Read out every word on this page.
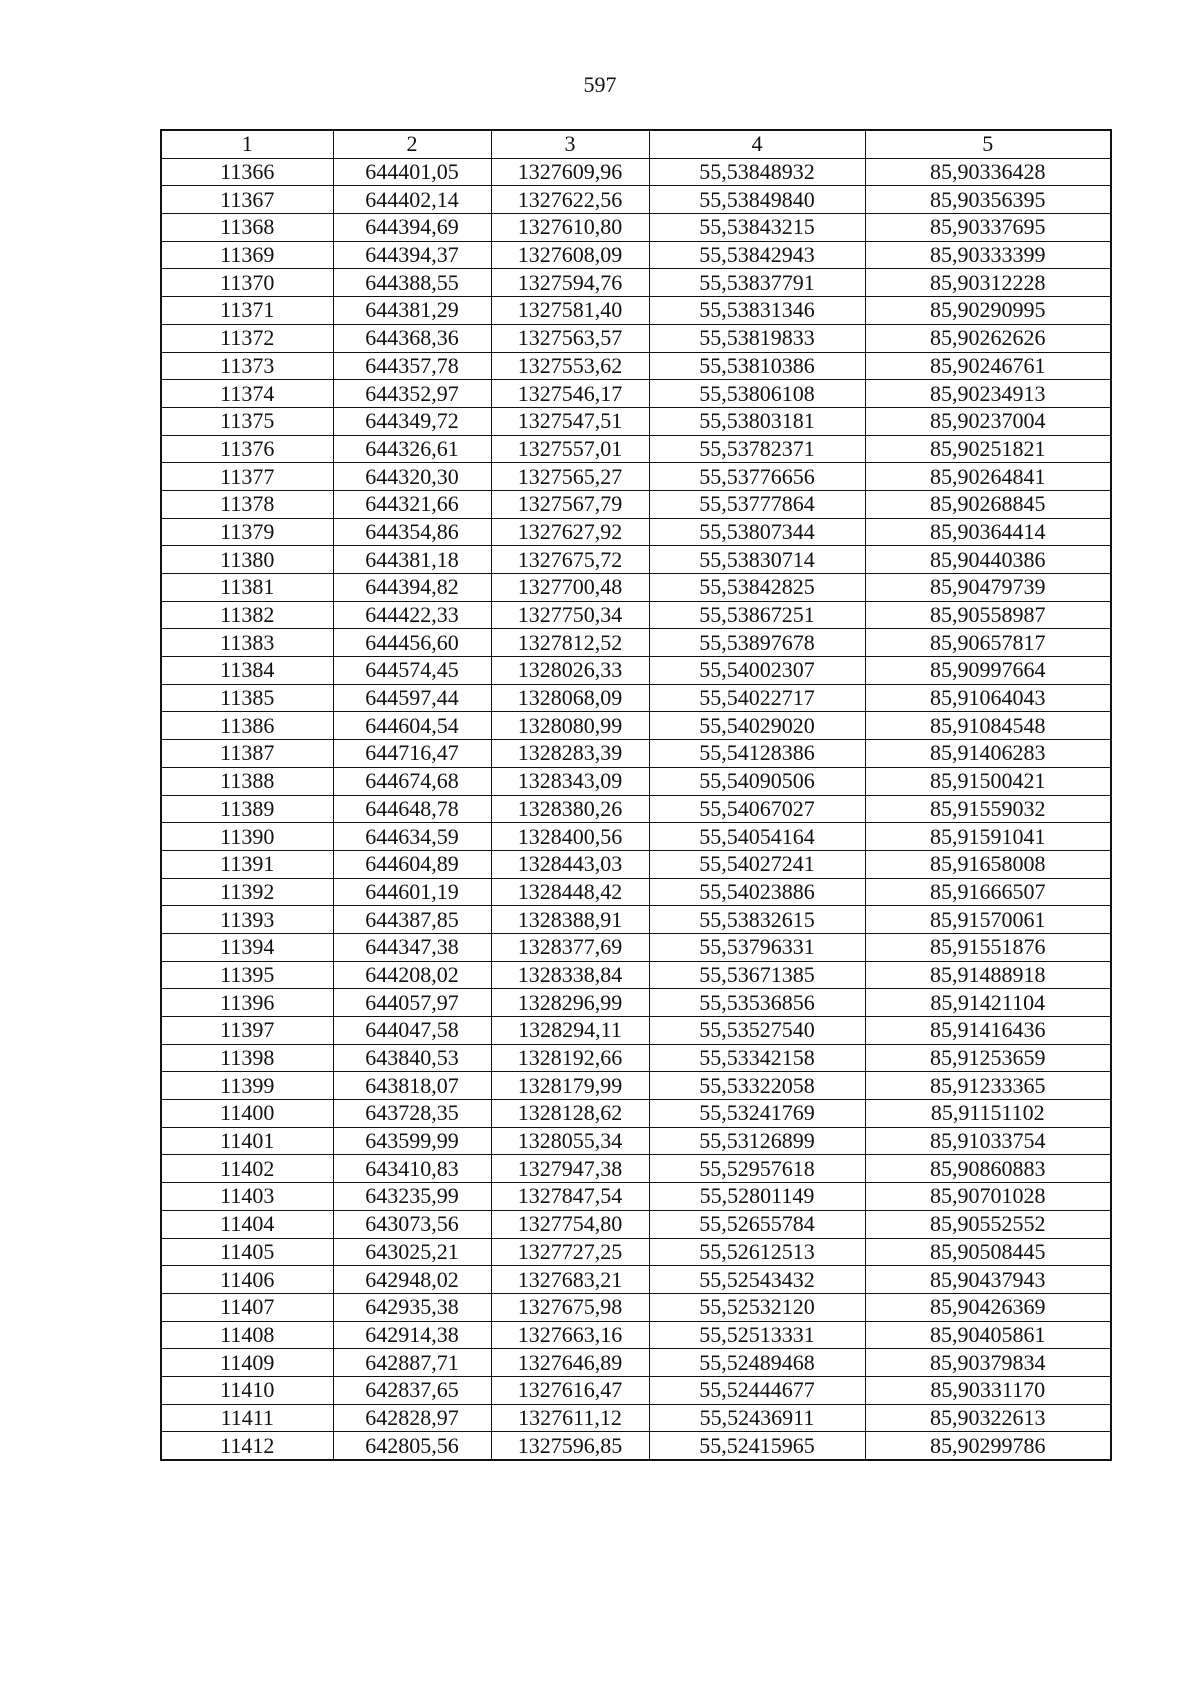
597
1	2	3	4	5
11366	644401,05	1327609,96	55,53848932	85,90336428
11367	644402,14	1327622,56	55,53849840	85,90356395
11368	644394,69	1327610,80	55,53843215	85,90337695
11369	644394,37	1327608,09	55,53842943	85,90333399
11370	644388,55	1327594,76	55,53837791	85,90312228
11371	644381,29	1327581,40	55,53831346	85,90290995
11372	644368,36	1327563,57	55,53819833	85,90262626
11373	644357,78	1327553,62	55,53810386	85,90246761
11374	644352,97	1327546,17	55,53806108	85,90234913
11375	644349,72	1327547,51	55,53803181	85,90237004
11376	644326,61	1327557,01	55,53782371	85,90251821
11377	644320,30	1327565,27	55,53776656	85,90264841
11378	644321,66	1327567,79	55,53777864	85,90268845
11379	644354,86	1327627,92	55,53807344	85,90364414
11380	644381,18	1327675,72	55,53830714	85,90440386
11381	644394,82	1327700,48	55,53842825	85,90479739
11382	644422,33	1327750,34	55,53867251	85,90558987
11383	644456,60	1327812,52	55,53897678	85,90657817
11384	644574,45	1328026,33	55,54002307	85,90997664
11385	644597,44	1328068,09	55,54022717	85,91064043
11386	644604,54	1328080,99	55,54029020	85,91084548
11387	644716,47	1328283,39	55,54128386	85,91406283
11388	644674,68	1328343,09	55,54090506	85,91500421
11389	644648,78	1328380,26	55,54067027	85,91559032
11390	644634,59	1328400,56	55,54054164	85,91591041
11391	644604,89	1328443,03	55,54027241	85,91658008
11392	644601,19	1328448,42	55,54023886	85,91666507
11393	644387,85	1328388,91	55,53832615	85,91570061
11394	644347,38	1328377,69	55,53796331	85,91551876
11395	644208,02	1328338,84	55,53671385	85,91488918
11396	644057,97	1328296,99	55,53536856	85,91421104
11397	644047,58	1328294,11	55,53527540	85,91416436
11398	643840,53	1328192,66	55,53342158	85,91253659
11399	643818,07	1328179,99	55,53322058	85,91233365
11400	643728,35	1328128,62	55,53241769	85,91151102
11401	643599,99	1328055,34	55,53126899	85,91033754
11402	643410,83	1327947,38	55,52957618	85,90860883
11403	643235,99	1327847,54	55,52801149	85,90701028
11404	643073,56	1327754,80	55,52655784	85,90552552
11405	643025,21	1327727,25	55,52612513	85,90508445
11406	642948,02	1327683,21	55,52543432	85,90437943
11407	642935,38	1327675,98	55,52532120	85,90426369
11408	642914,38	1327663,16	55,52513331	85,90405861
11409	642887,71	1327646,89	55,52489468	85,90379834
11410	642837,65	1327616,47	55,52444677	85,90331170
11411	642828,97	1327611,12	55,52436911	85,90322613
11412	642805,56	1327596,85	55,52415965	85,90299786
